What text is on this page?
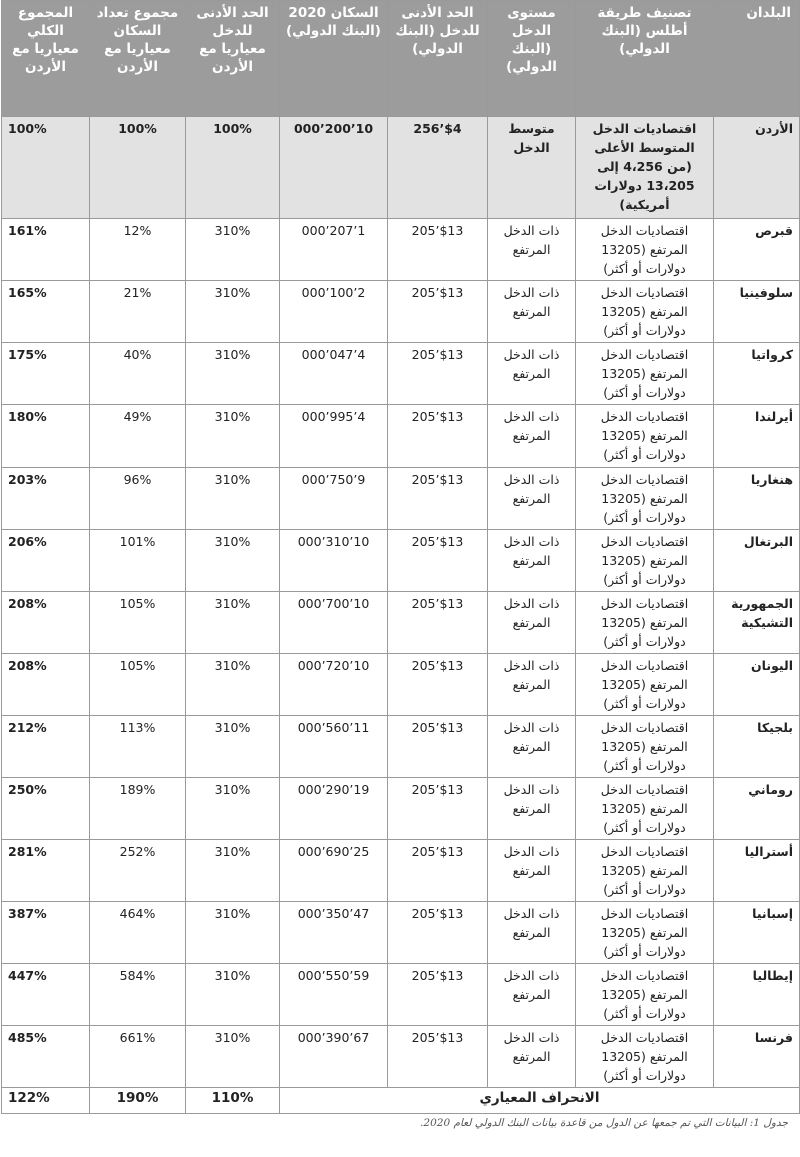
البلدان	تصنيف طريقة أطلس (البنك الدولي)	مستوى الدخل (البنك الدولي)	الحد الأدنى للدخل (البنك الدولي)	السكان 2020 (البنك الدولي)	الحد الأدنى للدخل معياريا مع الأردن	مجموع تعداد السكان معياريا مع الأردن	المجموع الكلي معياريا مع الأردن
الأردن	اقتصاديات الدخل المتوسط الأعلى (من 4،256 إلى 13،205 دولارات أمريكية)	متوسط الدخل	$4’256	10’200’000	100%	100%	100%
قبرص	اقتصاديات الدخل المرتفع (13205 دولارات أو أكثر)	ذات الدخل المرتفع	$13’205	1’207’000	310%	12%	161%
سلوفينيا	اقتصاديات الدخل المرتفع (13205 دولارات أو أكثر)	ذات الدخل المرتفع	$13’205	2’100’000	310%	21%	165%
كرواتيا	اقتصاديات الدخل المرتفع (13205 دولارات أو أكثر)	ذات الدخل المرتفع	$13’205	4’047’000	310%	40%	175%
أيرلندا	اقتصاديات الدخل المرتفع (13205 دولارات أو أكثر)	ذات الدخل المرتفع	$13’205	4’995’000	310%	49%	180%
هنغاريا	اقتصاديات الدخل المرتفع (13205 دولارات أو أكثر)	ذات الدخل المرتفع	$13’205	9’750’000	310%	96%	203%
البرتغال	اقتصاديات الدخل المرتفع (13205 دولارات أو أكثر)	ذات الدخل المرتفع	$13’205	10’310’000	310%	101%	206%
الجمهورية التشيكية	اقتصاديات الدخل المرتفع (13205 دولارات أو أكثر)	ذات الدخل المرتفع	$13’205	10’700’000	310%	105%	208%
اليونان	اقتصاديات الدخل المرتفع (13205 دولارات أو أكثر)	ذات الدخل المرتفع	$13’205	10’720’000	310%	105%	208%
بلجيكا	اقتصاديات الدخل المرتفع (13205 دولارات أو أكثر)	ذات الدخل المرتفع	$13’205	11’560’000	310%	113%	212%
روماني	اقتصاديات الدخل المرتفع (13205 دولارات أو أكثر)	ذات الدخل المرتفع	$13’205	19’290’000	310%	189%	250%
أستراليا	اقتصاديات الدخل المرتفع (13205 دولارات أو أكثر)	ذات الدخل المرتفع	$13’205	25’690’000	310%	252%	281%
إسبانيا	اقتصاديات الدخل المرتفع (13205 دولارات أو أكثر)	ذات الدخل المرتفع	$13’205	47’350’000	310%	464%	387%
إيطاليا	اقتصاديات الدخل المرتفع (13205 دولارات أو أكثر)	ذات الدخل المرتفع	$13’205	59’550’000	310%	584%	447%
فرنسا	اقتصاديات الدخل المرتفع (13205 دولارات أو أكثر)	ذات الدخل المرتفع	$13’205	67’390’000	310%	661%	485%
الانحراف المعياري					110%	190%	122%
جدول 1: البيانات التي تم جمعها عن الدول من قاعدة بيانات البنك الدولي لعام 2020.
